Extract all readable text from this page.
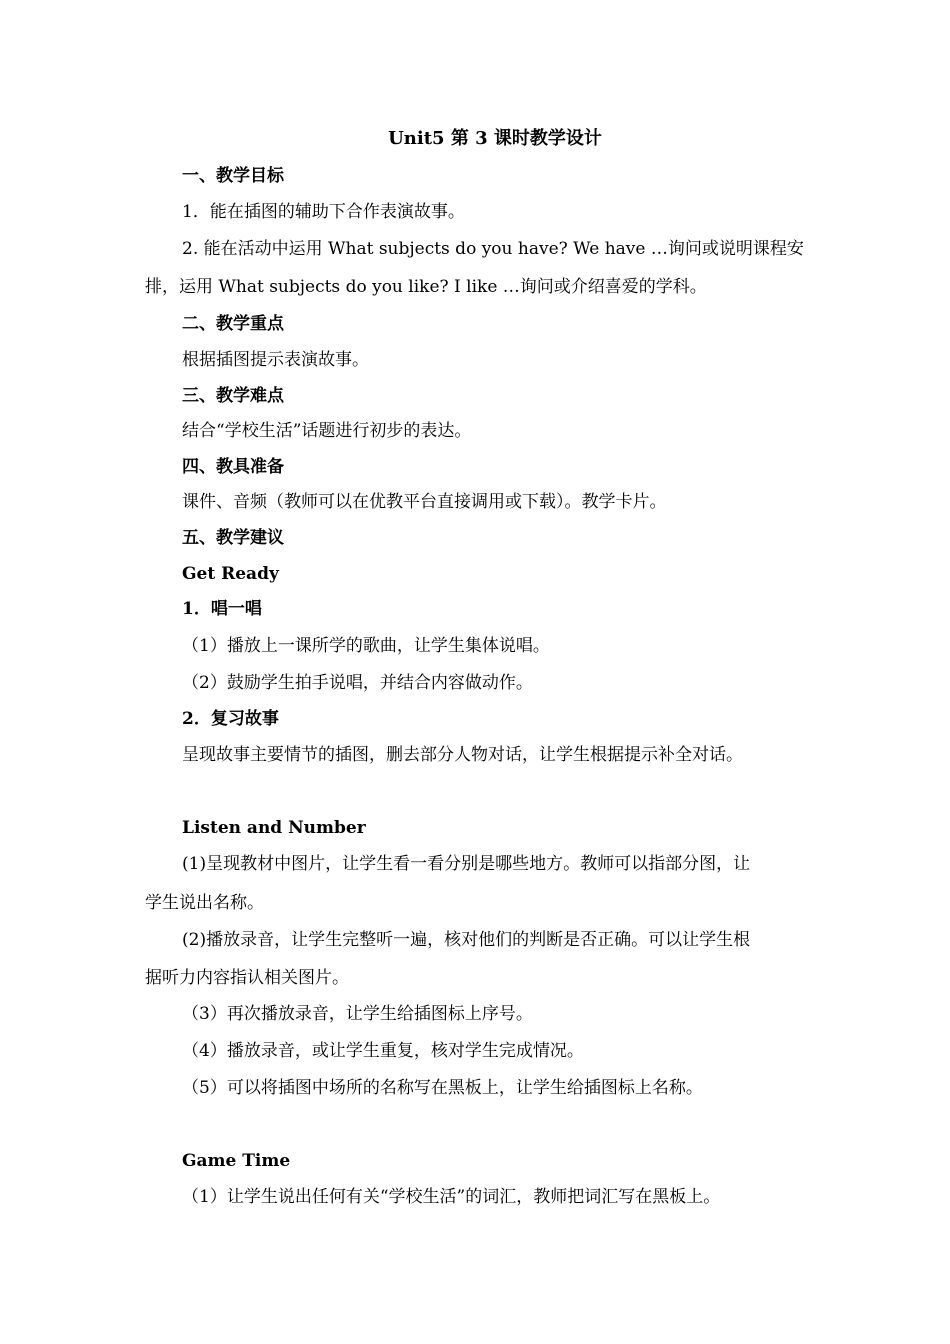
Unit5 第 3 课时教学设计
一、教学目标
1．能在插图的辅助下合作表演故事。
2. 能在活动中运用 What subjects do you have? We have …询问或说明课程安
排，运用 What subjects do you like? I like …询问或介绍喜爱的学科。
二、教学重点
根据插图提示表演故事。
三、教学难点
结合“学校生活”话题进行初步的表达。
四、教具准备
课件、音频（教师可以在优教平台直接调用或下载）。教学卡片。
五、教学建议
Get Ready
1．唱一唱
（1）播放上一课所学的歌曲，让学生集体说唱。
（2）鼓励学生拍手说唱，并结合内容做动作。
2．复习故事
呈现故事主要情节的插图，删去部分人物对话，让学生根据提示补全对话。
Listen and Number
(1)呈现教材中图片，让学生看一看分别是哪些地方。教师可以指部分图，让
学生说出名称。
(2)播放录音，让学生完整听一遍，核对他们的判断是否正确。可以让学生根
据听力内容指认相关图片。
（3）再次播放录音，让学生给插图标上序号。
（4）播放录音，或让学生重复，核对学生完成情况。
（5）可以将插图中场所的名称写在黑板上，让学生给插图标上名称。
Game Time
（1）让学生说出任何有关“学校生活”的词汇，教师把词汇写在黑板上。
